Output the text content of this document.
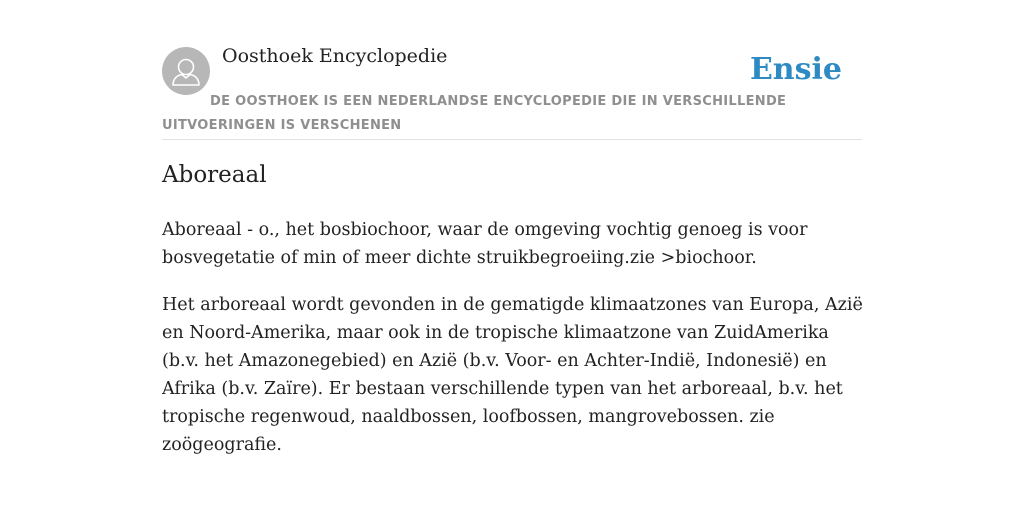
Oosthoek Encyclopedie	Ensie
DE OOSTHOEK IS EEN NEDERLANDSE ENCYCLOPEDIE DIE IN VERSCHILLENDE UITVOERINGEN IS VERSCHENEN
Aboreaal

Aboreaal - o., het bosbiochoor, waar de omgeving vochtig genoeg is voor bosvegetatie of min of meer dichte struikbegroeiing.zie >biochoor.

Het arboreaal wordt gevonden in de gematigde klimaatzones van Europa, Azië en Noord-Amerika, maar ook in de tropische klimaatzone van ZuidAmerika (b.v. het Amazonegebied) en Azië (b.v. Voor- en Achter-Indië, Indonesië) en Afrika (b.v. Zaïre). Er bestaan verschillende typen van het arboreaal, b.v. het tropische regenwoud, naaldbossen, loofbossen, mangrovebossen. zie zoögeografie.
